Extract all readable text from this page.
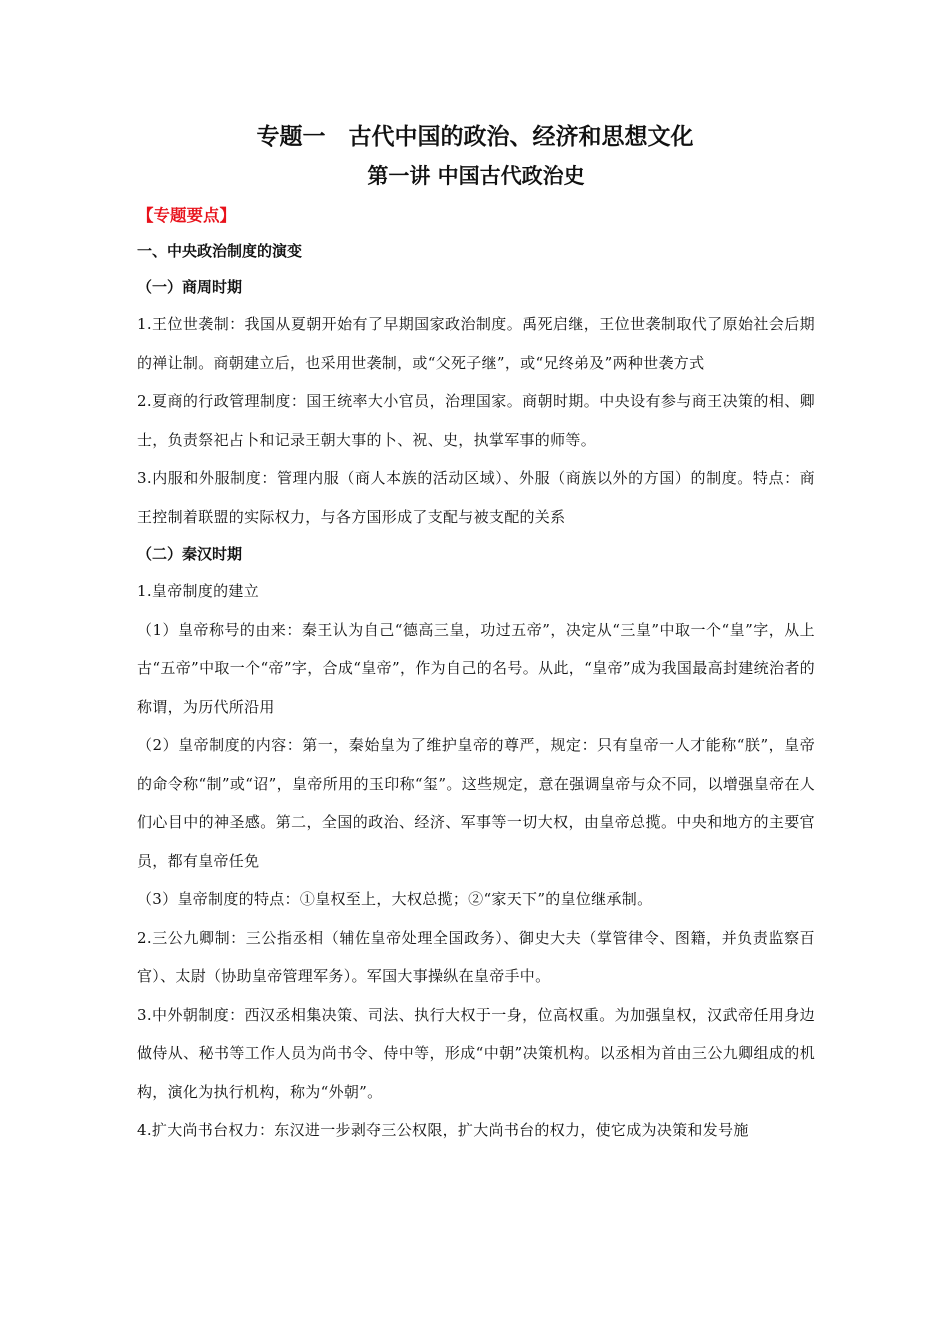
专题一　古代中国的政治、经济和思想文化
第一讲 中国古代政治史
【专题要点】
一、中央政治制度的演变
（一）商周时期
1.王位世袭制：我国从夏朝开始有了早期国家政治制度。禹死启继，王位世袭制取代了原始社会后期的禅让制。商朝建立后，也采用世袭制，或“父死子继”，或“兄终弟及”两种世袭方式
2.夏商的行政管理制度：国王统率大小官员，治理国家。商朝时期。中央设有参与商王决策的相、卿士，负责祭祀占卜和记录王朝大事的卜、祝、史，执掌军事的师等。
3.内服和外服制度：管理内服（商人本族的活动区域）、外服（商族以外的方国）的制度。特点：商王控制着联盟的实际权力，与各方国形成了支配与被支配的关系
（二）秦汉时期
1.皇帝制度的建立
（1）皇帝称号的由来：秦王认为自己“德高三皇，功过五帝”，决定从“三皇”中取一个“皇”字，从上古“五帝”中取一个“帝”字，合成“皇帝”，作为自己的名号。从此，“皇帝”成为我国最高封建统治者的称谓，为历代所沿用
（2）皇帝制度的内容：第一，秦始皇为了维护皇帝的尊严，规定：只有皇帝一人才能称“朕”，皇帝的命令称“制”或“诏”，皇帝所用的玉印称“玺”。这些规定，意在强调皇帝与众不同，以增强皇帝在人们心目中的神圣感。第二，全国的政治、经济、军事等一切大权，由皇帝总揽。中央和地方的主要官员，都有皇帝任免
（3）皇帝制度的特点：①皇权至上，大权总揽；②“家天下”的皇位继承制。
2.三公九卿制：三公指丞相（辅佐皇帝处理全国政务）、御史大夫（掌管律令、图籍，并负责监察百官）、太尉（协助皇帝管理军务）。军国大事操纵在皇帝手中。
3.中外朝制度：西汉丞相集决策、司法、执行大权于一身，位高权重。为加强皇权，汉武帝任用身边做侍从、秘书等工作人员为尚书令、侍中等，形成“中朝”决策机构。以丞相为首由三公九卿组成的机构，演化为执行机构，称为“外朝”。
4.扩大尚书台权力：东汉进一步剥夺三公权限，扩大尚书台的权力，使它成为决策和发号施
